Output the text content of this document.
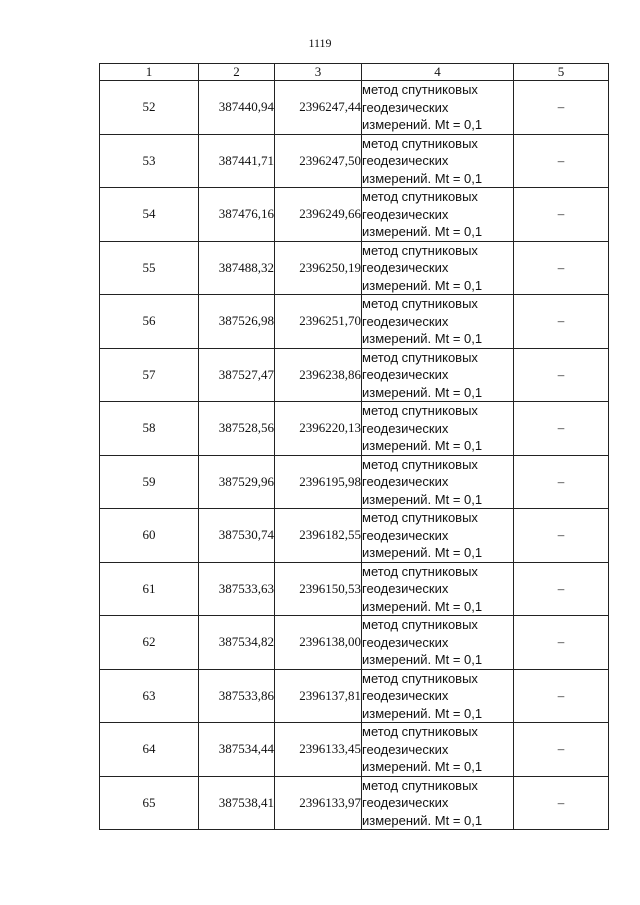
1119
1	2	3	4	5
52	387440,94	2396247,44	метод спутниковых
геодезических
измерений. Mt = 0,1	–
53	387441,71	2396247,50	метод спутниковых
геодезических
измерений. Mt = 0,1	–
54	387476,16	2396249,66	метод спутниковых
геодезических
измерений. Mt = 0,1	–
55	387488,32	2396250,19	метод спутниковых
геодезических
измерений. Mt = 0,1	–
56	387526,98	2396251,70	метод спутниковых
геодезических
измерений. Mt = 0,1	–
57	387527,47	2396238,86	метод спутниковых
геодезических
измерений. Mt = 0,1	–
58	387528,56	2396220,13	метод спутниковых
геодезических
измерений. Mt = 0,1	–
59	387529,96	2396195,98	метод спутниковых
геодезических
измерений. Mt = 0,1	–
60	387530,74	2396182,55	метод спутниковых
геодезических
измерений. Mt = 0,1	–
61	387533,63	2396150,53	метод спутниковых
геодезических
измерений. Mt = 0,1	–
62	387534,82	2396138,00	метод спутниковых
геодезических
измерений. Mt = 0,1	–
63	387533,86	2396137,81	метод спутниковых
геодезических
измерений. Mt = 0,1	–
64	387534,44	2396133,45	метод спутниковых
геодезических
измерений. Mt = 0,1	–
65	387538,41	2396133,97	метод спутниковых
геодезических
измерений. Mt = 0,1	–
